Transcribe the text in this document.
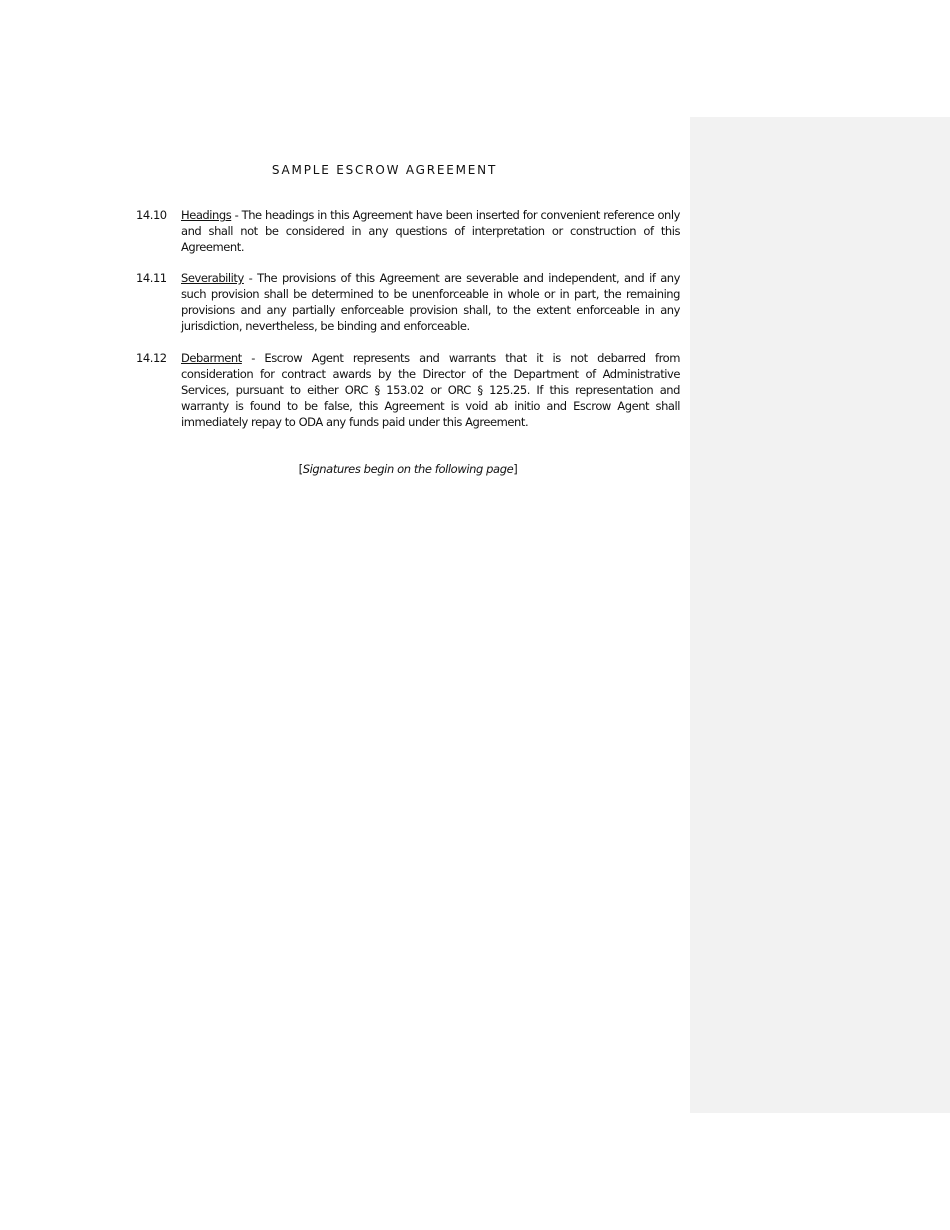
SAMPLE ESCROW AGREEMENT
14.10 Headings - The headings in this Agreement have been inserted for convenient reference only and shall not be considered in any questions of interpretation or construction of this Agreement.
14.11 Severability - The provisions of this Agreement are severable and independent, and if any such provision shall be determined to be unenforceable in whole or in part, the remaining provisions and any partially enforceable provision shall, to the extent enforceable in any jurisdiction, nevertheless, be binding and enforceable.
14.12 Debarment - Escrow Agent represents and warrants that it is not debarred from consideration for contract awards by the Director of the Department of Administrative Services, pursuant to either ORC § 153.02 or ORC § 125.25. If this representation and warranty is found to be false, this Agreement is void ab initio and Escrow Agent shall immediately repay to ODA any funds paid under this Agreement.
[Signatures begin on the following page]
